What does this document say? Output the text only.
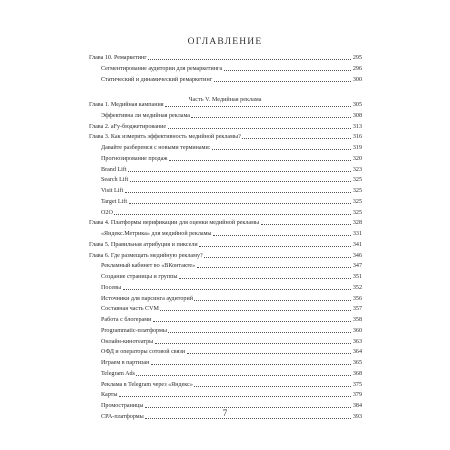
ОГЛАВЛЕНИЕ
Глава 10. Ремаркетинг	295
Сегментирование аудитории для ремаркетинга	296
Статический и динамический ремаркетинг	300
Часть V. Медийная реклама
Глава 1. Медийная кампания	305
Эффективна ли медийная реклама	308
Глава 2. aFy-бюджетирование	313
Глава 3. Как измерить эффективность медийной рекламы?	316
Давайте разберемся с новыми терминами:	319
Прогнозирование продаж	320
Brand Lift	323
Search Lift	325
Visit Lift	325
Target Lift	325
O2O	325
Глава 4. Платформы верификации для оценки медийной рекламы	328
«Яндекс.Метрика» для медийной рекламы	331
Глава 5. Правильная атрибуция и пиксели	341
Глава 6. Где размещать медийную рекламу?	346
Рекламный кабинет во «ВКонтакте»	347
Создание страницы и группы	351
Посевы	352
Источники для парсинга аудиторий	356
Составная часть CVM	357
Работа с блогерами	358
Programmatic-платформы	360
Онлайн-кинотеатры	363
ОФД и операторы сотовой связи	364
Играем в партизан	365
Telegram Ads	368
Реклама в Telegram через «Яндекс»	375
Карты	379
Промостраницы	384
CPA-платформы	393
7
